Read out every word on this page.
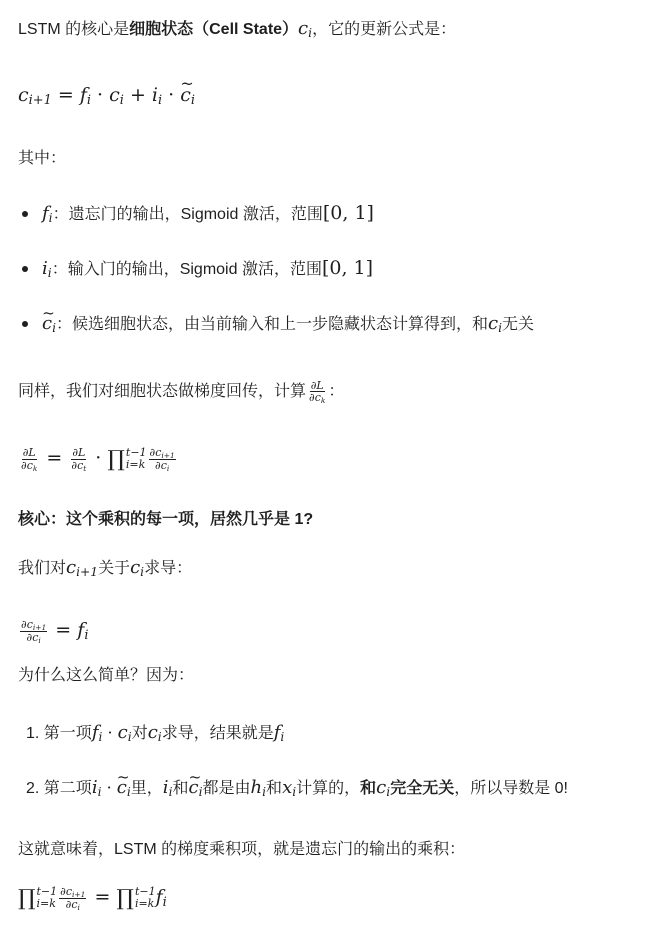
LSTM 的核心是细胞状态（Cell $State)c_i$，它的更新公式是：
$c_{i+1} = f_i \cdot c_i + i_i$ · ~ $c_i$
其中：
$f_i$：遗忘门的输出，Sigmoid 激活，范围[0, 1]
$i_i$：输入门的输出，Sigmoid 激活，范围[0, 1]
~ $c_i$：候选细胞状态，由当前输入和上一步隐藏状态计算得到，和$c_i$无关
同样，我们对细胞状态做梯度回传，计算 $\frac{\partial L}{\partial c_k}$ ：
$\frac{\partial L}{\partial c_k} = \frac{\partial L}{\partial c_t}$ · ∏ t−1
$i=k \frac{\partial c_{i+1}}{\partial c_i}$
核心：这个乘积的每一项，居然几乎是 1?
我们对$c_{i+1}$关于$c_i$求导：
$\frac{\partial c_{i+1}}{\partial c_i} = f_i$
为什么这么简单？因为：
1. 第一项$f_i \cdot c_i$对$c_i$求导，结果就是$f_i$
2. 第二项$i_i$ · ~ $c_i$里，$i_i$和~ $c_i$都是由$h_i$和$x_i$计算的，和$c_i$完全无关，所以导数是 0!
这就意味着，LSTM 的梯度乘积项，就是遗忘门的输出的乘积：
∏ t−1
$i=k \frac{\partial c_{i+1}}{\partial c_i}$ = ∏ t−1
i=k $f_i$
